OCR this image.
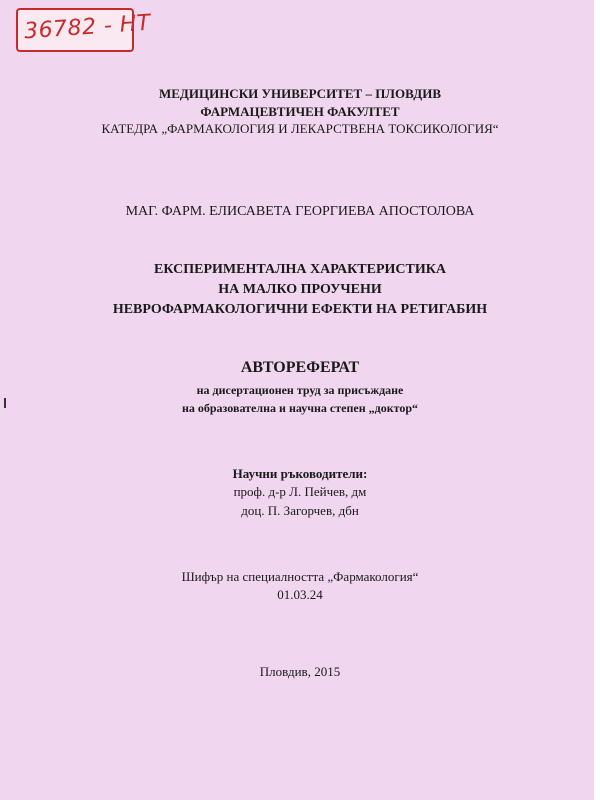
36782 - НТ
МЕДИЦИНСКИ УНИВЕРСИТЕТ – ПЛОВДИВ
ФАРМАЦЕВТИЧЕН ФАКУЛТЕТ
КАТЕДРА „ФАРМАКОЛОГИЯ И ЛЕКАРСТВЕНА ТОКСИКОЛОГИЯ“
МАГ. ФАРМ. ЕЛИСАВЕТА ГЕОРГИЕВА АПОСТОЛОВА
ЕКСПЕРИМЕНТАЛНА ХАРАКТЕРИСТИКА
НА МАЛКО ПРОУЧЕНИ
НЕВРОФАРМАКОЛОГИЧНИ ЕФЕКТИ НА РЕТИГАБИН
АВТОРЕФЕРАТ
на дисертационен труд за присъждане
на образователна и научна степен „доктор“
Научни ръководители:
проф. д-р Л. Пейчев, дм
доц. П. Загорчев, дбн
Шифър на специалността „Фармакология“
01.03.24
Пловдив, 2015
